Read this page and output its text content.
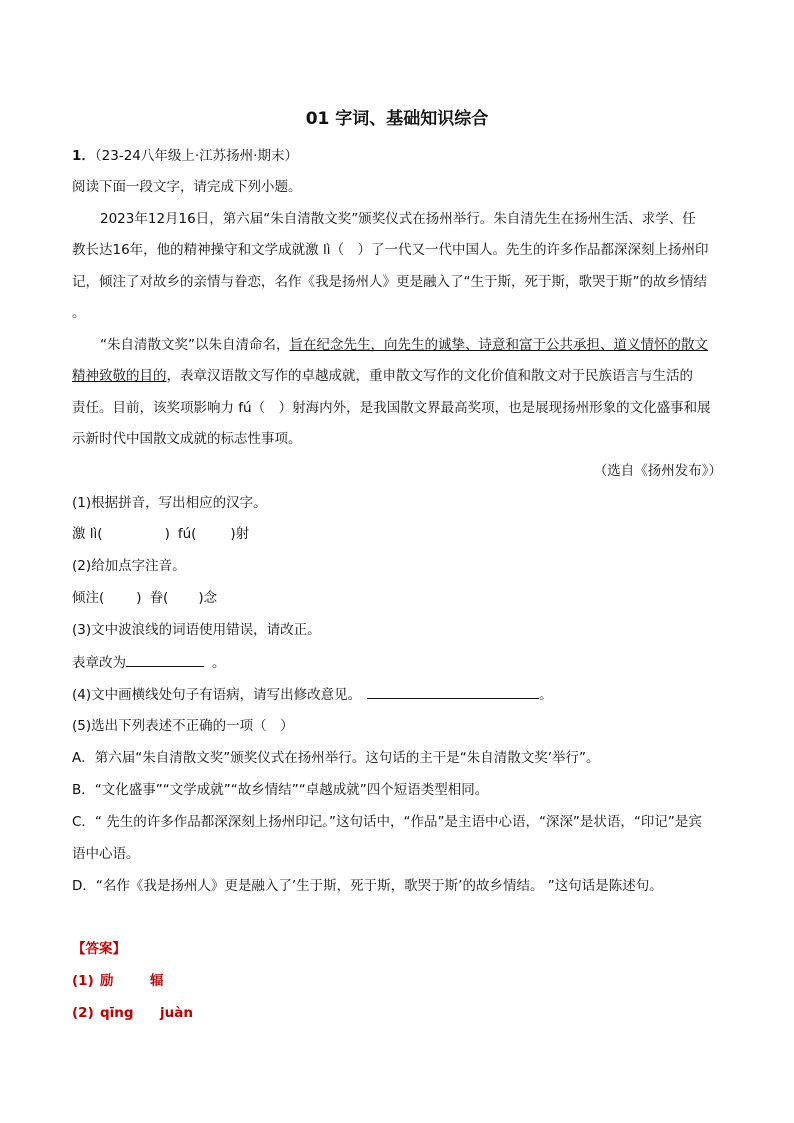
01 字词、基础知识综合
1．（23-24八年级上·江苏扬州·期末）
阅读下面一段文字，请完成下列小题。
2023年12月16日，第六届“朱自清散文奖”颁奖仪式在扬州举行。朱自清先生在扬州生活、求学、任
教长达16年，他的精神操守和文学成就激 lì（　）了一代又一代中国人。先生的许多作品都深深刻上扬州印
记，倾注了对故乡的亲情与眷恋，名作《我是扬州人》更是融入了“生于斯，死于斯，歌哭于斯”的故乡情结
。
“朱自清散文奖”以朱自清命名，旨在纪念先生，向先生的诚挚、诗意和富于公共承担、道义情怀的散文
精神致敬的目的，表章汉语散文写作的卓越成就，重申散文写作的文化价值和散文对于民族语言与生活的
责任。目前，该奖项影响力 fú（　）射海内外，是我国散文界最高奖项，也是展现扬州形象的文化盛事和展
示新时代中国散文成就的标志性事项。
（选自《扬州发布》）
(1)根据拼音，写出相应的汉字。
激 lì(	) fú(	)射
(2)给加点字注音。
倾注( ) 眷( )念
(3)文中波浪线的词语使用错误，请改正。
表章改为	。
(4)文中画横线处句子有语病，请写出修改意见。	。
(5)选出下列表述不正确的一项（　）
A．第六届“朱自清散文奖”颁奖仪式在扬州举行。这句话的主干是“朱自清散文奖’举行”。
B．“文化盛事”“文学成就”“故乡情结”“卓越成就”四个短语类型相同。
C．“ 先生的许多作品都深深刻上扬州印记。”这句话中，“作品”是主语中心语，“深深”是状语，“印记”是宾
语中心语。
D．“名作《我是扬州人》更是融入了’生于斯，死于斯，歌哭于斯’的故乡情结。 ”这句话是陈述句。
【答案】
(1) 励	辐
(2) qīng juàn
